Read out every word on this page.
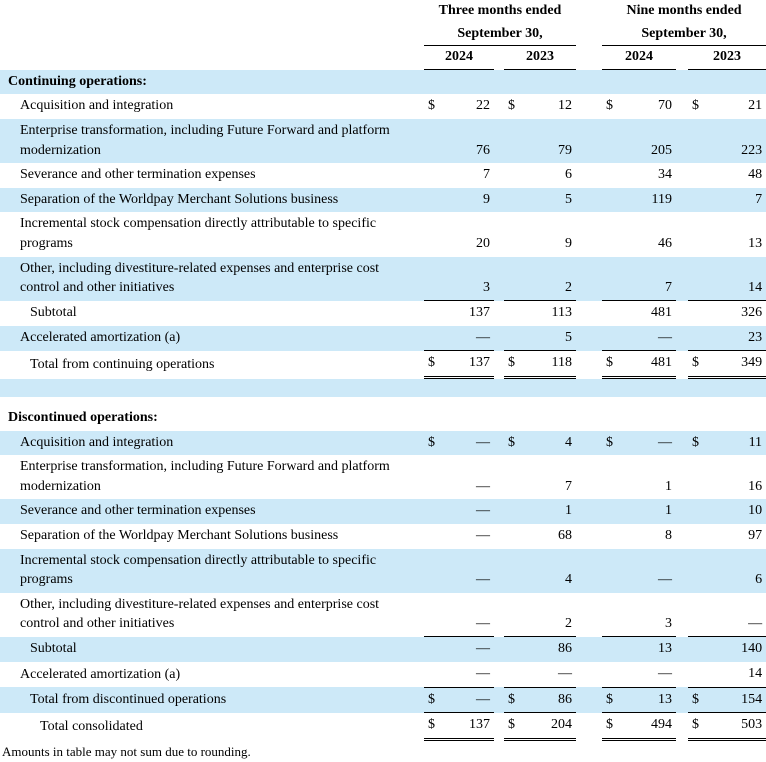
	Three months ended						Nine months ended				
	September 30,						September 30,				
	2024			2023			2024			2023	
Continuing operations:											
Acquisition and integration	$	22		$	12		$	70		$	21
Enterprise transformation, including Future Forward and platform modernization		76			79			205			223
Severance and other termination expenses		7			6			34			48
Separation of the Worldpay Merchant Solutions business		9			5			119			7
Incremental stock compensation directly attributable to specific programs		20			9			46			13
Other, including divestiture-related expenses and enterprise cost control and other initiatives		3			2			7			14
Subtotal		137			113			481			326
Accelerated amortization (a)		—			5			—			23
Total from continuing operations	$	137		$	118		$	481		$	349

Discontinued operations:											
Acquisition and integration	$	—		$	4		$	—		$	11
Enterprise transformation, including Future Forward and platform modernization		—			7			1			16
Severance and other termination expenses		—			1			1			10
Separation of the Worldpay Merchant Solutions business		—			68			8			97
Incremental stock compensation directly attributable to specific programs		—			4			—			6
Other, including divestiture-related expenses and enterprise cost control and other initiatives		—			2			3			—
Subtotal		—			86			13			140
Accelerated amortization (a)		—			—			—			14
Total from discontinued operations	$	—		$	86		$	13		$	154
Total consolidated	$	137		$	204		$	494		$	503
Amounts in table may not sum due to rounding.
